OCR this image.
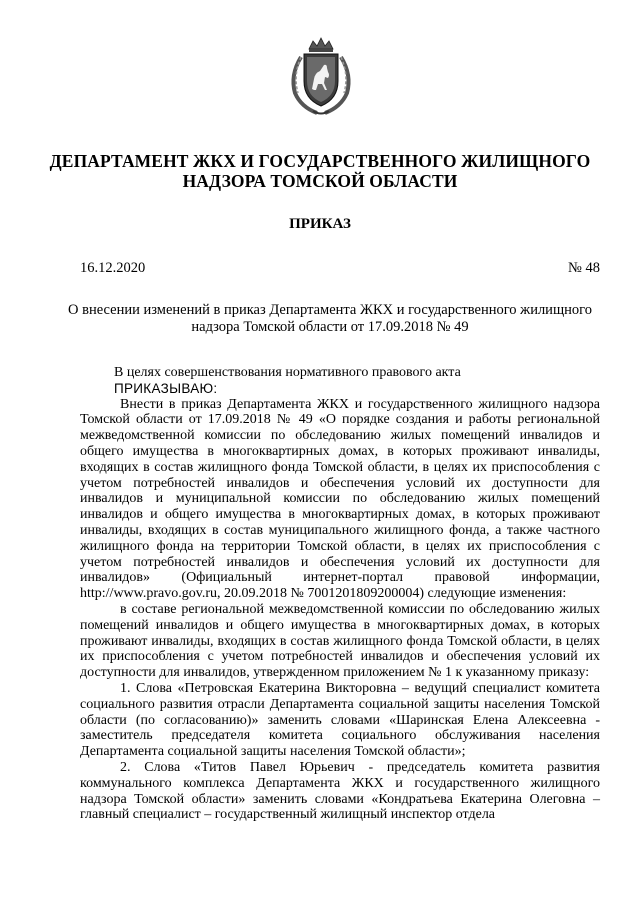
ДЕПАРТАМЕНТ ЖКХ И ГОСУДАРСТВЕННОГО ЖИЛИЩНОГО НАДЗОРА ТОМСКОЙ ОБЛАСТИ
ПРИКАЗ
16.12.2020	№ 48
О внесении изменений в приказ Департамента ЖКХ и государственного жилищного надзора Томской области от 17.09.2018 № 49

В целях совершенствования нормативного правового акта

ПРИКАЗЫВАЮ:

Внести в приказ Департамента ЖКХ и государственного жилищного надзора Томской области от 17.09.2018 № 49 «О порядке создания и работы региональной межведомственной комиссии по обследованию жилых помещений инвалидов и общего имущества в многоквартирных домах, в которых проживают инвалиды, входящих в состав жилищного фонда Томской области, в целях их приспособления с учетом потребностей инвалидов и обеспечения условий их доступности для инвалидов и муниципальной комиссии по обследованию жилых помещений инвалидов и общего имущества в многоквартирных домах, в которых проживают инвалиды, входящих в состав муниципального жилищного фонда, а также частного жилищного фонда на территории Томской области, в целях их приспособления с учетом потребностей инвалидов и обеспечения условий их доступности для инвалидов» (Официальный интернет-портал правовой информации, http://www.pravo.gov.ru, 20.09.2018 № 7001201809200004) следующие изменения:

в составе региональной межведомственной комиссии по обследованию жилых помещений инвалидов и общего имущества в многоквартирных домах, в которых проживают инвалиды, входящих в состав жилищного фонда Томской области, в целях их приспособления с учетом потребностей инвалидов и обеспечения условий их доступности для инвалидов, утвержденном приложением № 1 к указанному приказу:

1. Слова «Петровская Екатерина Викторовна – ведущий специалист комитета социального развития отрасли Департамента социальной защиты населения Томской области (по согласованию)» заменить словами «Шаринская Елена Алексеевна - заместитель председателя комитета социального обслуживания населения Департамента социальной защиты населения Томской области»;

2. Слова «Титов Павел Юрьевич - председатель комитета развития коммунального комплекса Департамента ЖКХ и государственного жилищного надзора Томской области» заменить словами «Кондратьева Екатерина Олеговна – главный специалист – государственный жилищный инспектор отдела
